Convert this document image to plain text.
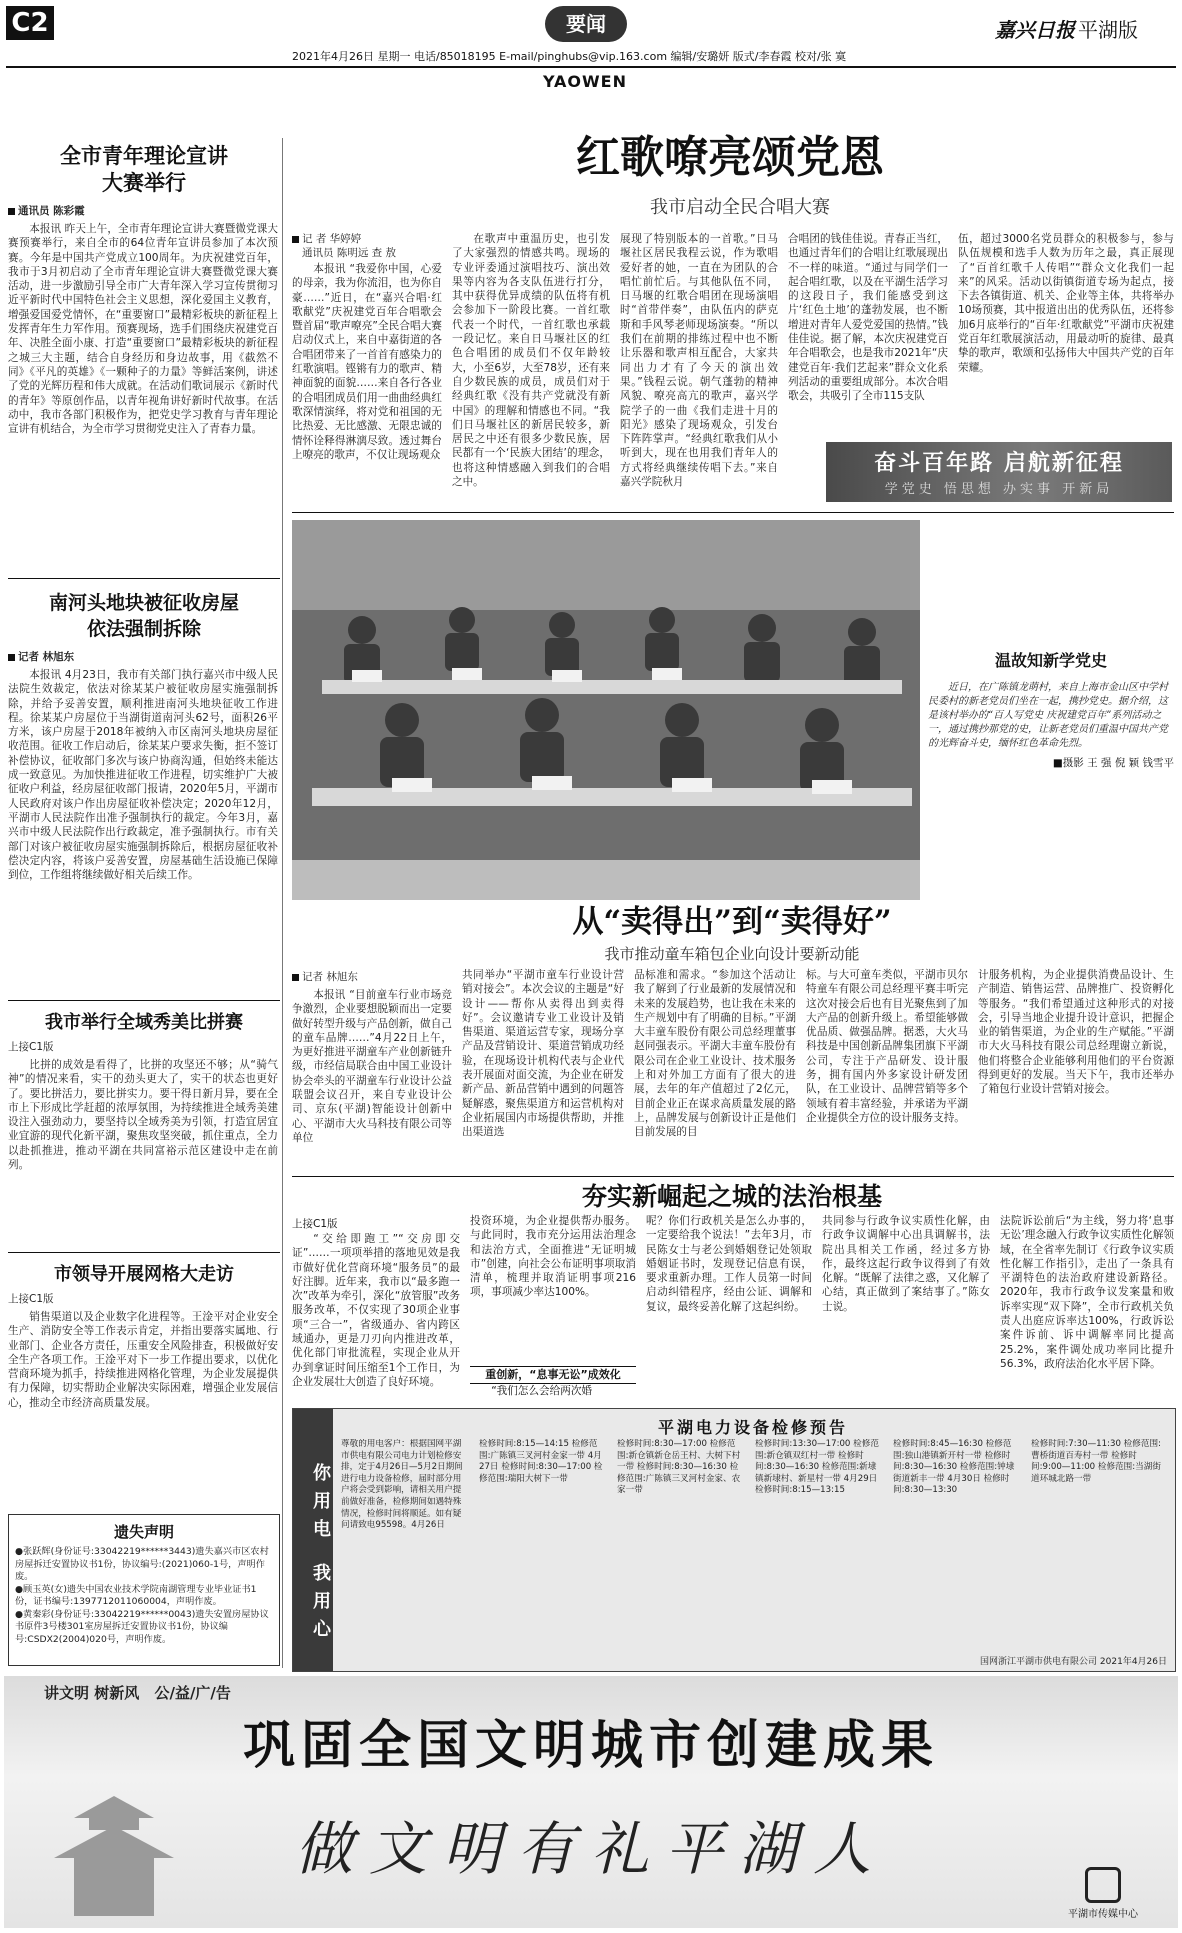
C2	要闻	嘉兴日报 平湖版
2021年4月26日 星期一 电话/85018195 E-mail/pinghubs@vip.163.com 编辑/安璐妍 版式/李春霞 校对/张 寞
YAOWEN
全市青年理论宣讲
大赛举行
通讯员 陈彩霞
本报讯 昨天上午，全市青年理论宣讲大赛暨微党课大赛预赛举行，来自全市的64位青年宣讲员参加了本次预赛。今年是中国共产党成立100周年。为庆祝建党百年，我市于3月初启动了全市青年理论宣讲大赛暨微党课大赛活动，进一步激励引导全市广大青年深入学习宣传贯彻习近平新时代中国特色社会主义思想，深化爱国主义教育，增强爱国爱党情怀，在“重要窗口”最精彩板块的新征程上发挥青年生力军作用。预赛现场，选手们围绕庆祝建党百年、决胜全面小康、打造“重要窗口”最精彩板块的新征程之城三大主题，结合自身经历和身边故事，用《截然不同》《平凡的英雄》《一颗种子的力量》等鲜活案例，讲述了党的光辉历程和伟大成就。在活动们歌词展示《新时代的青年》等原创作品，以青年视角讲好新时代故事。在活动中，我市各部门积极作为，把党史学习教育与青年理论宣讲有机结合，为全市学习贯彻党史注入了青春力量。
南河头地块被征收房屋
依法强制拆除
记者 林旭东
本报讯 4月23日，我市有关部门执行嘉兴市中级人民法院生效裁定，依法对徐某某户被征收房屋实施强制拆除，并给予妥善安置，顺利推进南河头地块征收工作进程。徐某某户房屋位于当湖街道南河头62号，面积26平方米，该户房屋于2018年被纳入市区南河头地块房屋征收范围。征收工作启动后，徐某某户要求失衡，拒不签订补偿协议，征收部门多次与该户协商沟通，但始终未能达成一致意见。为加快推进征收工作进程，切实维护广大被征收户利益，经房屋征收部门报请，2020年5月，平湖市人民政府对该户作出房屋征收补偿决定；2020年12月，平湖市人民法院作出准予强制执行的裁定。今年3月，嘉兴市中级人民法院作出行政裁定，准予强制执行。市有关部门对该户被征收房屋实施强制拆除后，根据房屋征收补偿决定内容，将该户妥善安置，房屋基础生活设施已保障到位，工作组将继续做好相关后续工作。
我市举行全域秀美比拼赛
上接C1版
比拼的成效是看得了，比拼的攻坚还不够；从“骑气神”的情况来看，实干的劲头更大了，实干的状态也更好了。要比拼活力，要比拼实力。要干得日新月异，要在全市上下形成比学赶超的浓厚氛围，为持续推进全域秀美建设注入强劲动力，要坚持以全域秀美为引领，打造宜居宜业宜游的现代化新平湖，聚焦攻坚突破，抓住重点，全力以赴抓推进，推动平湖在共同富裕示范区建设中走在前列。
市领导开展网格大走访
上接C1版
销售渠道以及企业数字化进程等。王淦平对企业安全生产、消防安全等工作表示肯定，并指出要落实属地、行业部门、企业各方责任，压重安全风险排查，积极做好安全生产各项工作。王淦平对下一步工作提出要求，以优化营商环境为抓手，持续推进网格化管理，为企业发展提供有力保障，切实帮助企业解决实际困难，增强企业发展信心，推动全市经济高质量发展。
遗失声明
●张跃辉(身份证号:33042219******3443)遗失嘉兴市区农村房屋拆迁安置协议书1份，协议编号:(2021)060-1号，声明作废。
●顾玉英(女)遗失中国农业技术学院南湖管理专业毕业证书1份，证书编号:1397712011060004，声明作废。
●黄秦彩(身份证号:33042219******0043)遗失安置房屋协议书原件3号楼301室房屋拆迁安置协议书1份，协议编号:CSDX2(2004)020号，声明作废。
红歌嘹亮颂党恩
我市启动全民合唱大赛
记 者 华婷婷
通讯员 陈明远 查 敖
本报讯 “我爱你中国，心爱的母亲，我为你流泪，也为你自豪……”近日，在“嘉兴合唱·红歌献党”庆祝建党百年合唱歌会暨首届“歌声嘹亮”全民合唱大赛启动仪式上，来自中嘉街道的各合唱团带来了一首首有感染力的红歌演唱。铿锵有力的歌声、精神面貌的面貌……来自各行各业的合唱团成员们用一曲曲经典红歌深情演绎，将对党和祖国的无比热爱、无比感激、无限忠诚的情怀诠释得淋漓尽致。透过舞台上嘹亮的歌声，不仅让现场观众
在歌声中重温历史，也引发了大家强烈的情感共鸣。现场的专业评委通过演唱技巧、演出效果等内容为各支队伍进行打分，其中获得优异成绩的队伍将有机会参加下一阶段比赛。一首红歌代表一个时代，一首红歌也承载一段记忆。来自日马堰社区的红色合唱团的成员们不仅年龄较大，小至6岁，大至78岁，还有来自少数民族的成员，成员们对于经典红歌《没有共产党就没有新中国》的理解和情感也不同。“我们日马堰社区的新居民较多，新居民之中还有很多少数民族，居民都有一个‘民族大团结’的理念，也将这种情感融入到我们的合唱之中。
展现了特别版本的一首歌。”日马堰社区居民我程云说，作为歌唱爱好者的她，一直在为团队的合唱忙前忙后。与其他队伍不同，日马堰的红歌合唱团在现场演唱时“首带伴奏”，由队伍内的萨克斯和手风琴老师现场演奏。“所以我们在前期的排练过程中也不断让乐器和歌声相互配合，大家共同出力才有了今天的演出效果。”钱程云说。朝气蓬勃的精神风貌、嘹亮高亢的歌声，嘉兴学院学子的一曲《我们走进十月的阳光》感染了现场观众，引发台下阵阵掌声。“经典红歌我们从小听到大，现在也用我们青年人的方式将经典继续传唱下去。”来自嘉兴学院秋月
合唱团的钱佳佳说。青春正当红，也通过青年们的合唱让红歌展现出不一样的味道。“通过与同学们一起合唱红歌，以及在平湖生活学习的这段日子，我们能感受到这片‘红色土地’的蓬勃发展，也不断增进对青年人爱党爱国的热情。”钱佳佳说。据了解，本次庆祝建党百年合唱歌会，也是我市2021年“庆建党百年·我们艺起来”群众文化系列活动的重要组成部分。本次合唱歌会，共吸引了全市115支队
伍，超过3000名党员群众的积极参与，参与队伍规模和选手人数为历年之最，真正展现了“百首红歌千人传唱”“群众文化我们一起来”的风采。活动以街镇街道专场为起点，接下去各镇街道、机关、企业等主体，共将举办10场预赛，其中报道出出的优秀队伍，还将参加6月底举行的“百年·红歌献党”平湖市庆祝建党百年红歌展演活动，用最动听的旋律、最真挚的歌声，歌颂和弘扬伟大中国共产党的百年荣耀。
奋斗百年路 启航新征程
学党史 悟思想 办实事 开新局
温故知新学党史
近日，在广陈镇龙萌村，来自上海市金山区中学村民委村的新老党员们坐在一起，携抄党史。据介绍，这是该村举办的“百人写党史 庆祝建党百年”系列活动之一，通过携抄那党的史，让新老党员们重温中国共产党的光辉奋斗史，缅怀红色革命先烈。
■摄影 王 强 倪 颖 钱雪平
从“卖得出”到“卖得好”
我市推动童车箱包企业向设计要新动能
记者 林旭东
本报讯 “目前童车行业市场竞争激烈，企业要想脱颖而出一定要做好转型升级与产品创新，做自己的童车品牌……”4月22日上午，为更好推进平湖童车产业创新链升级，市经信局联合由中国工业设计协会牵头的平湖童车行业设计公益联盟会议召开，来自专业设计公司、京东(平湖)智能设计创新中心、平湖市大火马科技有限公司等单位
共同举办“平湖市童车行业设计营销对接会”。本次会议的主题是“好设计——帮你从卖得出到卖得好”。会议邀请专业工业设计及销售渠道、渠道运营专家，现场分享产品及营销设计、渠道营销成功经验，在现场设计机构代表与企业代表开展面对面交流，为企业在研发新产品、新品营销中遇到的问题答疑解惑，聚焦渠道方和运营机构对企业拓展国内市场提供帮助，并推出渠道选
品标准和需求。“参加这个活动让我了解到了行业最新的发展情况和未来的发展趋势，也让我在未来的生产规划中有了明确的目标。”平湖大丰童车股份有限公司总经理董事赵同强表示。平湖大丰童车股份有限公司在企业工业设计、技术服务上和对外加工方面有了很大的进展，去年的年产值超过了2亿元，目前企业正在谋求高质量发展的路上，品牌发展与创新设计正是他们目前发展的目
标。与大可童车类似，平湖市贝尔特童车有限公司总经理平赛丰听完这次对接会后也有目光聚焦到了加大产品的创新升级上。希望能够做优品质、做强品牌。据悉，大火马科技是中国创新品牌集团旗下平湖公司，专注于产品研发、设计服务，拥有国内外多家设计研发团队，在工业设计、品牌营销等多个领域有着丰富经验，并承诺为平湖企业提供全方位的设计服务支持。
计服务机构，为企业提供消费品设计、生产制造、销售运营、品牌推广、投资孵化等服务。“我们希望通过这种形式的对接会，引导当地企业提升设计意识，把握企业的销售渠道，为企业的生产赋能。”平湖市大火马科技有限公司总经理谢立新说，他们将整合企业能够利用他们的平台资源得到更好的发展。当天下午，我市还举办了箱包行业设计营销对接会。
夯实新崛起之城的法治根基
上接C1版
“交给即跑工”“交房即交证”……一项项举措的落地见效是我市做好优化营商环境“服务员”的最好注脚。近年来，我市以“最多跑一次”改革为牵引，深化“放管服”改务服务改革，不仅实现了30项企业事项“三合一”，省级通办、省内跨区域通办，更是刀刃向内推进改革，优化部门审批流程，实现企业从开办到拿证时间压缩至1个工作日，为企业发展壮大创造了良好环境。
投资环境，为企业提供帮办服务。与此同时，我市充分运用法治理念和法治方式，全面推进“无证明城市”创建，向社会公布证明事项取消清单，梳理并取消证明事项216项，事项减少率达100%。
重创新，“息事无讼”成效化
“我们怎么会给两次婚
呢？你们行政机关是怎么办事的，一定要给我个说法！”去年3月，市民陈女士与老公到婚姻登记处领取婚姻证书时，发现登记信息有误，要求重新办理。工作人员第一时间启动纠错程序，经由公证、调解和复议，最终妥善化解了这起纠纷。
共同参与行政争议实质性化解，由行政争议调解中心出具调解书，法院出具相关工作函，经过多方协作，最终这起行政争议得到了有效化解。“既解了法律之惑，又化解了心结，真正做到了案结事了。”陈女士说。
法院诉讼前后“为主线，努力将‘息事无讼’理念融入行政争议实质性化解领域，在全省率先制订《行政争议实质性化解工作指引》，走出了一条具有平湖特色的法治政府建设新路径。2020年，我市行政争议发案量和败诉率实现“双下降”，全市行政机关负责人出庭应诉率达100%，行政诉讼案件诉前、诉中调解率同比提高25.2%，案件调处成功率同比提升56.3%，政府法治化水平居下降。
你用电 我用心
平湖电力设备检修预告
尊敬的用电客户：根据国网平湖市供电有限公司电力计划检修安排，定于4月26日—5月2日期间进行电力设备检修，届时部分用户将会受到影响，请相关用户提前做好准备，检修期间如遇特殊情况，检修时间将顺延。如有疑问请致电95598。4月26日
检修时间:8:15—14:15 检修范围:广陈镇三叉河村金家一带 4月27日 检修时间:8:30—17:00 检修范围:瑞阳大树下一带
检修时间:8:30—17:00 检修范围:新仓镇新仓岳王村、大树下村一带 检修时间:8:30—16:30 检修范围:广陈镇三叉河村金家、农家一带
检修时间:13:30—17:00 检修范围:新仓镇双红村一带 检修时间:8:30—16:30 检修范围:新埭镇新埭村、新星村一带 4月29日 检修时间:8:15—13:15
检修时间:8:45—16:30 检修范围:独山港镇新开村一带 检修时间:8:30—16:30 检修范围:钟埭街道新丰一带 4月30日 检修时间:8:30—13:30
检修时间:7:30—11:30 检修范围:曹桥街道百寿村一带 检修时间:9:00—11:00 检修范围:当湖街道环城北路一带
国网浙江平湖市供电有限公司 2021年4月26日
讲文明 树新风 公/益/广/告
巩固全国文明城市创建成果
做文明有礼平湖人
平湖市传媒中心
